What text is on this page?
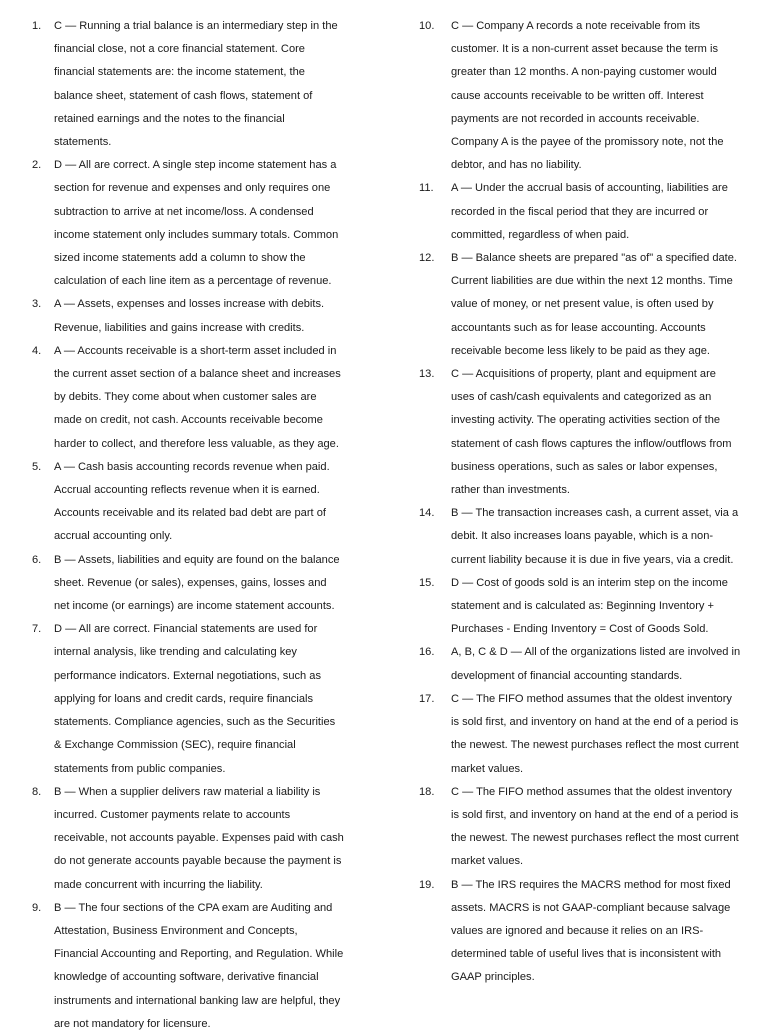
1.	C — Running a trial balance is an intermediary step in the financial close, not a core financial statement. Core financial statements are: the income statement, the balance sheet, statement of cash flows, statement of retained earnings and the notes to the financial statements.
2.	D — All are correct. A single step income statement has a section for revenue and expenses and only requires one subtraction to arrive at net income/loss. A condensed income statement only includes summary totals. Common sized income statements add a column to show the calculation of each line item as a percentage of revenue.
3.	A — Assets, expenses and losses increase with debits. Revenue, liabilities and gains increase with credits.
4.	A — Accounts receivable is a short-term asset included in the current asset section of a balance sheet and increases by debits. They come about when customer sales are made on credit, not cash. Accounts receivable become harder to collect, and therefore less valuable, as they age.
5.	A — Cash basis accounting records revenue when paid. Accrual accounting reflects revenue when it is earned. Accounts receivable and its related bad debt are part of accrual accounting only.
6.	B — Assets, liabilities and equity are found on the balance sheet. Revenue (or sales), expenses, gains, losses and net income (or earnings) are income statement accounts.
7.	D — All are correct. Financial statements are used for internal analysis, like trending and calculating key performance indicators. External negotiations, such as applying for loans and credit cards, require financials statements. Compliance agencies, such as the Securities & Exchange Commission (SEC), require financial statements from public companies.
8.	B — When a supplier delivers raw material a liability is incurred. Customer payments relate to accounts receivable, not accounts payable. Expenses paid with cash do not generate accounts payable because the payment is made concurrent with incurring the liability.
9.	B — The four sections of the CPA exam are Auditing and Attestation, Business Environment and Concepts, Financial Accounting and Reporting, and Regulation. While knowledge of accounting software, derivative financial instruments and international banking law are helpful, they are not mandatory for licensure.
10.	C — Company A records a note receivable from its customer. It is a non-current asset because the term is greater than 12 months. A non-paying customer would cause accounts receivable to be written off. Interest payments are not recorded in accounts receivable. Company A is the payee of the promissory note, not the debtor, and has no liability.
11.	A — Under the accrual basis of accounting, liabilities are recorded in the fiscal period that they are incurred or committed, regardless of when paid.
12.	B — Balance sheets are prepared "as of" a specified date. Current liabilities are due within the next 12 months. Time value of money, or net present value, is often used by accountants such as for lease accounting. Accounts receivable become less likely to be paid as they age.
13.	C — Acquisitions of property, plant and equipment are uses of cash/cash equivalents and categorized as an investing activity. The operating activities section of the statement of cash flows captures the inflow/outflows from business operations, such as sales or labor expenses, rather than investments.
14.	B — The transaction increases cash, a current asset, via a debit. It also increases loans payable, which is a non-current liability because it is due in five years, via a credit.
15.	D — Cost of goods sold is an interim step on the income statement and is calculated as: Beginning Inventory + Purchases - Ending Inventory = Cost of Goods Sold.
16.	A, B, C & D — All of the organizations listed are involved in development of financial accounting standards.
17.	C — The FIFO method assumes that the oldest inventory is sold first, and inventory on hand at the end of a period is the newest. The newest purchases reflect the most current market values.
18.	C — The FIFO method assumes that the oldest inventory is sold first, and inventory on hand at the end of a period is the newest. The newest purchases reflect the most current market values.
19.	B — The IRS requires the MACRS method for most fixed assets. MACRS is not GAAP-compliant because salvage values are ignored and because it relies on an IRS-determined table of useful lives that is inconsistent with GAAP principles.
